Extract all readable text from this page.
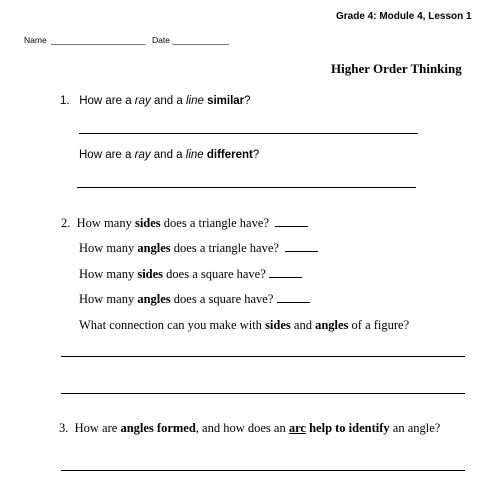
Grade 4: Module 4, Lesson 1
Name ____________________ Date ____________
Higher Order Thinking
1. How are a ray and a line similar?
How are a ray and a line different?
2. How many sides does a triangle have?
How many angles does a triangle have?
How many sides does a square have?
How many angles does a square have?
What connection can you make with sides and angles of a figure?
3. How are angles formed, and how does an arc help to identify an angle?
